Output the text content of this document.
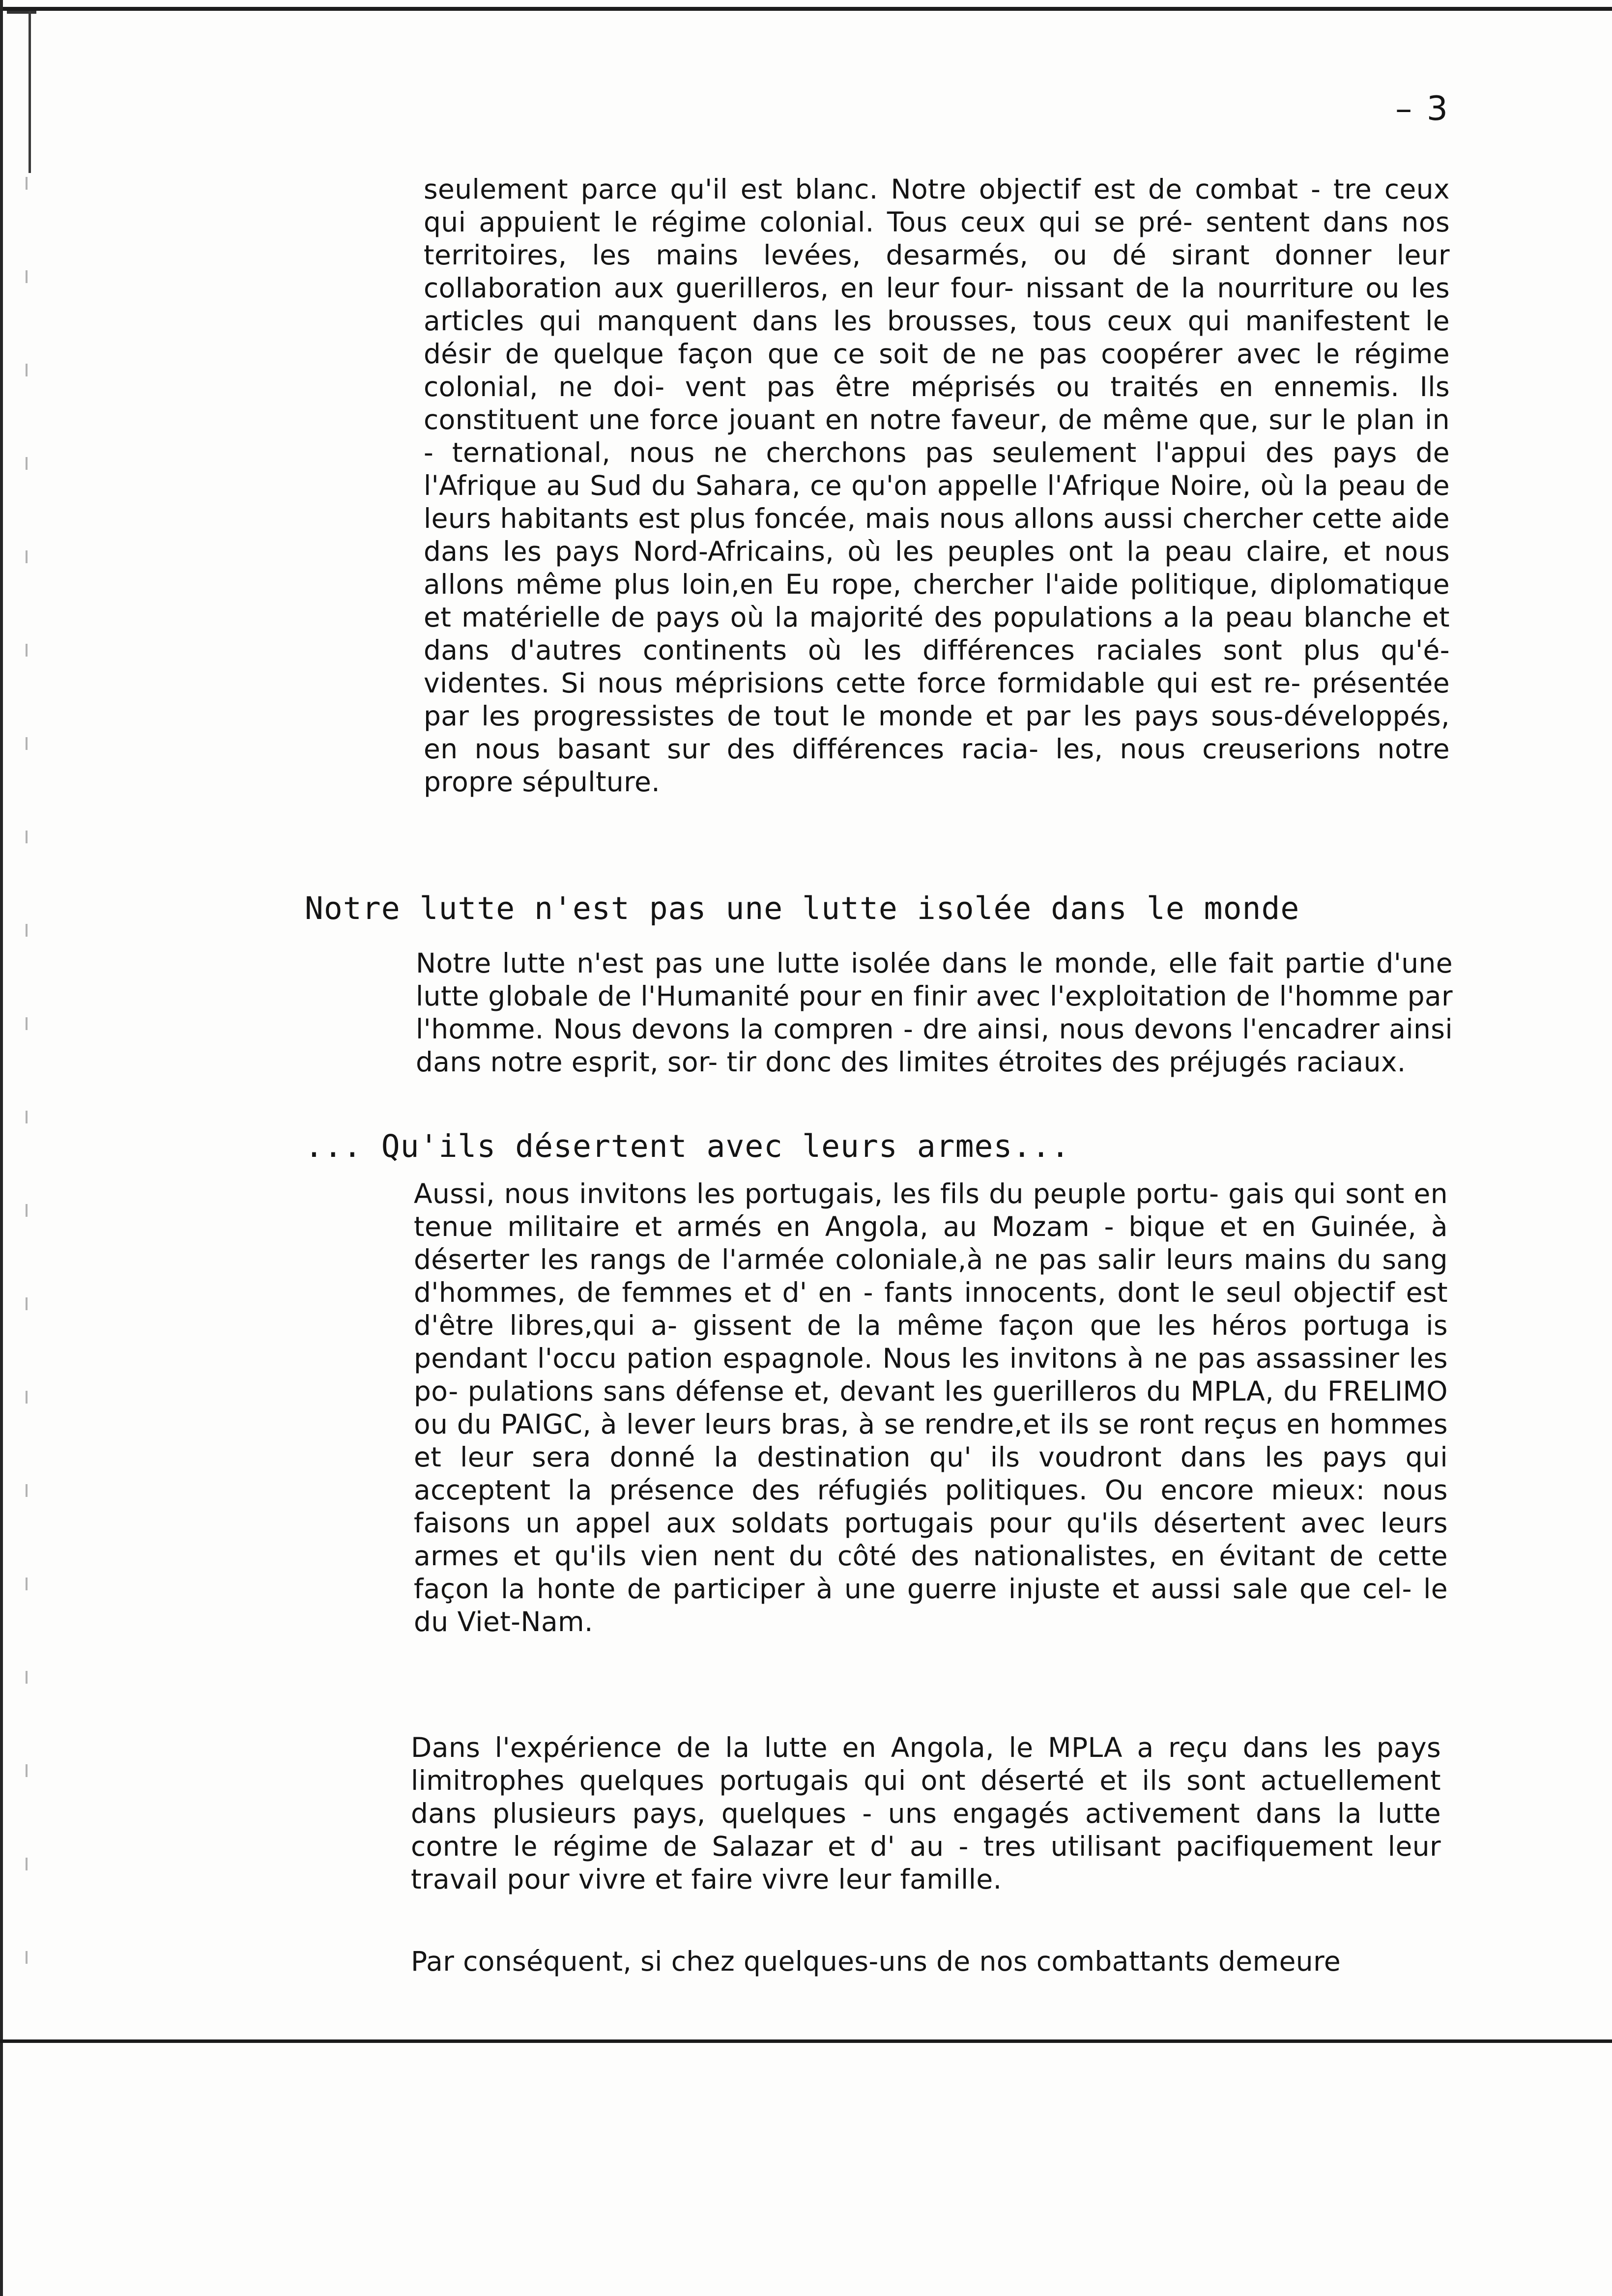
– 3

seulement parce qu'il est blanc. Notre objectif est de combat - tre ceux qui appuient le régime colonial. Tous ceux qui se pré- sentent dans nos territoires, les mains levées, desarmés, ou dé sirant donner leur collaboration aux guerilleros, en leur four- nissant de la nourriture ou les articles qui manquent dans les brousses, tous ceux qui manifestent le désir de quelque façon que ce soit de ne pas coopérer avec le régime colonial, ne doi- vent pas être méprisés ou traités en ennemis. Ils constituent une force jouant en notre faveur, de même que, sur le plan in - ternational, nous ne cherchons pas seulement l'appui des pays de l'Afrique au Sud du Sahara, ce qu'on appelle l'Afrique Noire, où la peau de leurs habitants est plus foncée, mais nous allons aussi chercher cette aide dans les pays Nord-Africains, où les peuples ont la peau claire, et nous allons même plus loin,en Eu rope, chercher l'aide politique, diplomatique et matérielle de pays où la majorité des populations a la peau blanche et dans d'autres continents où les différences raciales sont plus qu'é- videntes. Si nous méprisions cette force formidable qui est re- présentée par les progressistes de tout le monde et par les pays sous-développés, en nous basant sur des différences racia- les, nous creuserions notre propre sépulture.

Notre lutte n'est pas une lutte isolée dans le monde

Notre lutte n'est pas une lutte isolée dans le monde, elle fait partie d'une lutte globale de l'Humanité pour en finir avec l'exploitation de l'homme par l'homme. Nous devons la compren - dre ainsi, nous devons l'encadrer ainsi dans notre esprit, sor- tir donc des limites étroites des préjugés raciaux.

... Qu'ils désertent avec leurs armes...

Aussi, nous invitons les portugais, les fils du peuple portu- gais qui sont en tenue militaire et armés en Angola, au Mozam - bique et en Guinée, à déserter les rangs de l'armée coloniale,à ne pas salir leurs mains du sang d'hommes, de femmes et d' en - fants innocents, dont le seul objectif est d'être libres,qui a- gissent de la même façon que les héros portuga is pendant l'occu pation espagnole. Nous les invitons à ne pas assassiner les po- pulations sans défense et, devant les guerilleros du MPLA, du FRELIMO ou du PAIGC, à lever leurs bras, à se rendre,et ils se ront reçus en hommes et leur sera donné la destination qu' ils voudront dans les pays qui acceptent la présence des réfugiés politiques. Ou encore mieux: nous faisons un appel aux soldats portugais pour qu'ils désertent avec leurs armes et qu'ils vien nent du côté des nationalistes, en évitant de cette façon la honte de participer à une guerre injuste et aussi sale que cel- le du Viet-Nam.

Dans l'expérience de la lutte en Angola, le MPLA a reçu dans les pays limitrophes quelques portugais qui ont déserté et ils sont actuellement dans plusieurs pays, quelques - uns engagés activement dans la lutte contre le régime de Salazar et d' au - tres utilisant pacifiquement leur travail pour vivre et faire vivre leur famille.

Par conséquent, si chez quelques-uns de nos combattants demeure
